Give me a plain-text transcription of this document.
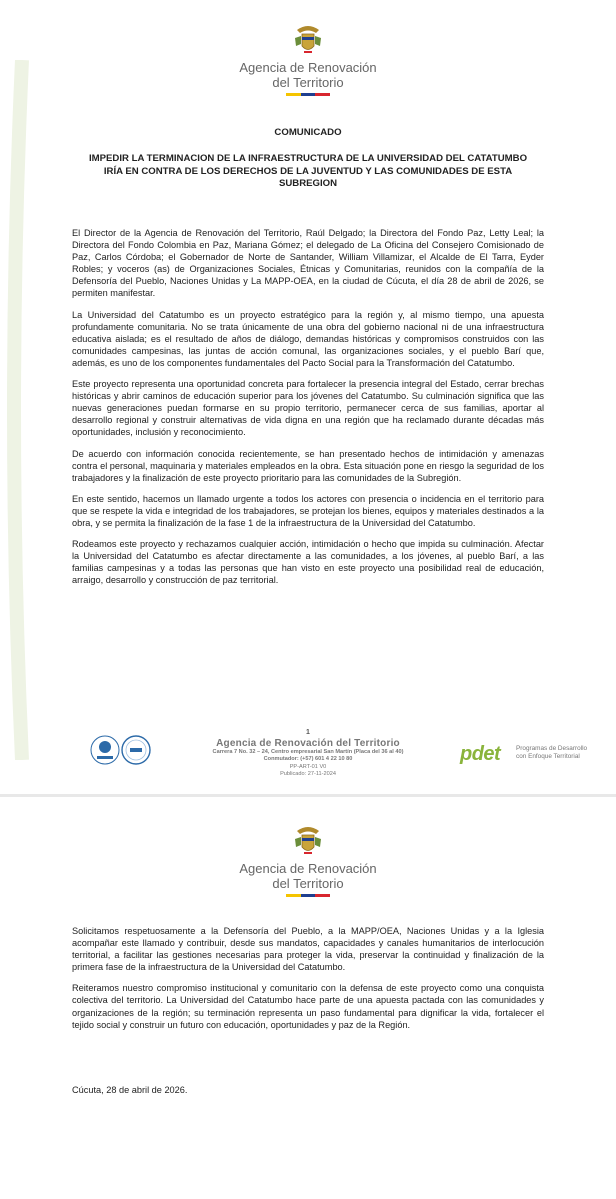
Agencia de Renovación
del Territorio
COMUNICADO
IMPEDIR LA TERMINACION DE LA INFRAESTRUCTURA DE LA UNIVERSIDAD DEL CATATUMBO
IRÍA EN CONTRA DE LOS DERECHOS DE LA JUVENTUD Y LAS COMUNIDADES DE ESTA
SUBREGION

El Director de la Agencia de Renovación del Territorio, Raúl Delgado; la Directora del Fondo Paz, Letty Leal; la Directora del Fondo Colombia en Paz, Mariana Gómez; el delegado de La Oficina del Consejero Comisionado de Paz, Carlos Córdoba; el Gobernador de Norte de Santander, William Villamizar, el Alcalde de El Tarra, Eyder Robles; y voceros (as) de Organizaciones Sociales, Étnicas y Comunitarias, reunidos con la compañía de la Defensoría del Pueblo, Naciones Unidas y La MAPP-OEA, en la ciudad de Cúcuta, el día 28 de abril de 2026, se permiten manifestar.

La Universidad del Catatumbo es un proyecto estratégico para la región y, al mismo tiempo, una apuesta profundamente comunitaria. No se trata únicamente de una obra del gobierno nacional ni de una infraestructura educativa aislada; es el resultado de años de diálogo, demandas históricas y compromisos construidos con las comunidades campesinas, las juntas de acción comunal, las organizaciones sociales, y el pueblo Barí que, además, es uno de los componentes fundamentales del Pacto Social para la Transformación del Catatumbo.

Este proyecto representa una oportunidad concreta para fortalecer la presencia integral del Estado, cerrar brechas históricas y abrir caminos de educación superior para los jóvenes del Catatumbo. Su culminación significa que las nuevas generaciones puedan formarse en su propio territorio, permanecer cerca de sus familias, aportar al desarrollo regional y construir alternativas de vida digna en una región que ha reclamado durante décadas más oportunidades, inclusión y reconocimiento.

De acuerdo con información conocida recientemente, se han presentado hechos de intimidación y amenazas contra el personal, maquinaria y materiales empleados en la obra. Esta situación pone en riesgo la seguridad de los trabajadores y la finalización de este proyecto prioritario para las comunidades de la Subregión.

En este sentido, hacemos un llamado urgente a todos los actores con presencia o incidencia en el territorio para que se respete la vida e integridad de los trabajadores, se protejan los bienes, equipos y materiales destinados a la obra, y se permita la finalización de la fase 1 de la infraestructura de la Universidad del Catatumbo.

Rodeamos este proyecto y rechazamos cualquier acción, intimidación o hecho que impida su culminación. Afectar la Universidad del Catatumbo es afectar directamente a las comunidades, a los jóvenes, al pueblo Barí, a las familias campesinas y a todas las personas que han visto en este proyecto una posibilidad real de educación, arraigo, desarrollo y construcción de paz territorial.

1
Agencia de Renovación del Territorio
Carrera 7 No. 32 – 24, Centro empresarial San Martín (Placa del 36 al 40)
Conmutador: (+57) 601 4 22 10 80
PP-ART-01 V0
Publicado: 27-11-2024
pdet Programas de Desarrollo
con Enfoque Territorial
Agencia de Renovación
del Territorio

Solicitamos respetuosamente a la Defensoría del Pueblo, a la MAPP/OEA, Naciones Unidas y a la Iglesia acompañar este llamado y contribuir, desde sus mandatos, capacidades y canales humanitarios de interlocución territorial, a facilitar las gestiones necesarias para proteger la vida, preservar la continuidad y finalización de la primera fase de la infraestructura de la Universidad del Catatumbo.

Reiteramos nuestro compromiso institucional y comunitario con la defensa de este proyecto como una conquista colectiva del territorio. La Universidad del Catatumbo hace parte de una apuesta pactada con las comunidades y organizaciones de la región; su terminación representa un paso fundamental para dignificar la vida, fortalecer el tejido social y construir un futuro con educación, oportunidades y paz de la Región.

Cúcuta, 28 de abril de 2026.
